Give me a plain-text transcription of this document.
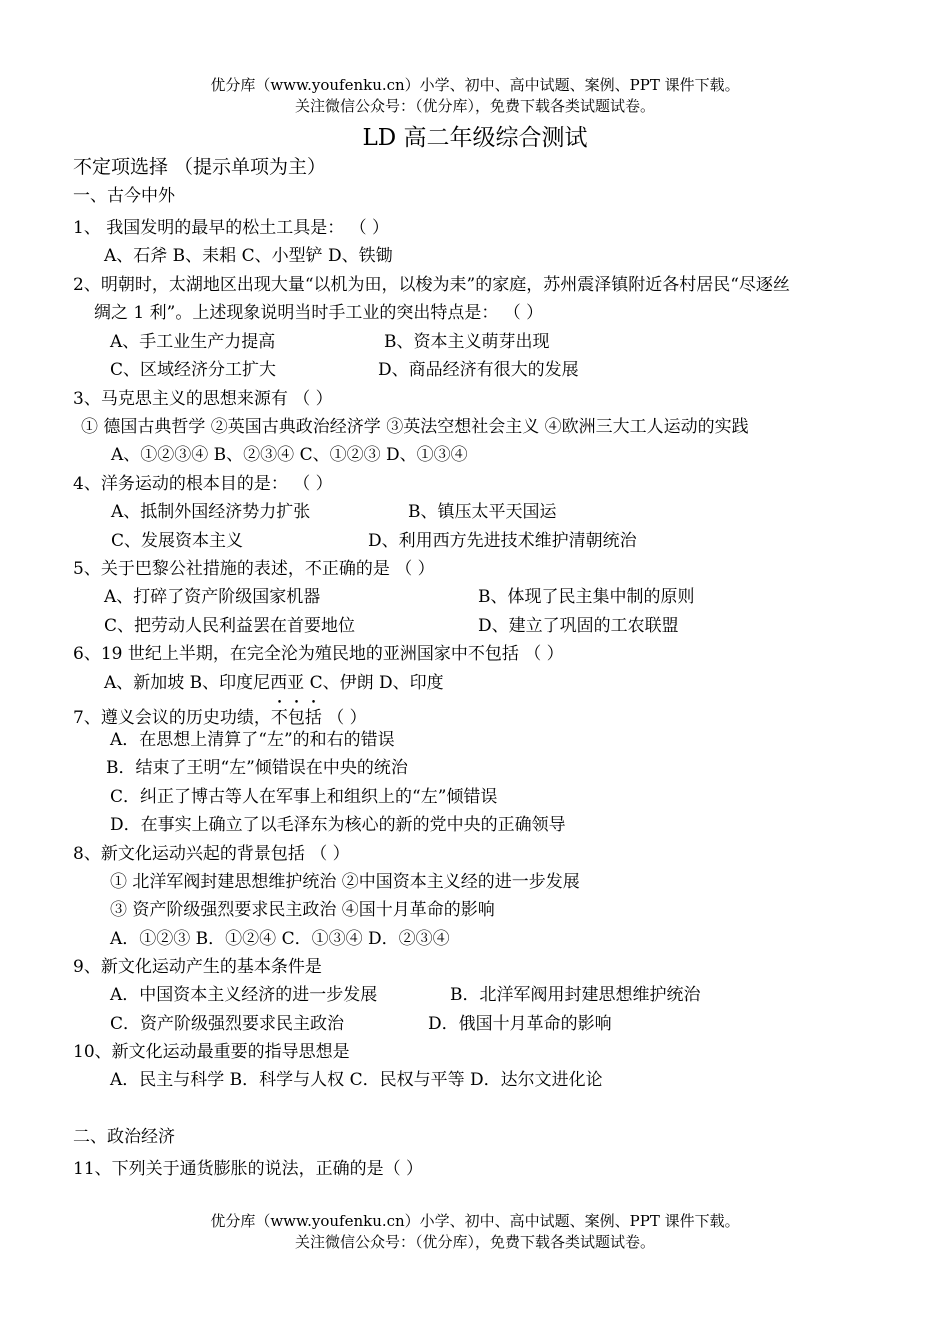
优分库（www.youfenku.cn）小学、初中、高中试题、案例、PPT 课件下载。
关注微信公众号：（优分库），免费下载各类试题试卷。
LD 高二年级综合测试
不定项选择 （提示单项为主）
一、古今中外
1、 我国发明的最早的松土工具是： （ ）
A、石斧 B、耒耜 C、小型铲 D、铁锄
2、明朝时，太湖地区出现大量“以机为田，以梭为耒”的家庭，苏州震泽镇附近各村居民“尽逐丝
绸之 1 利”。上述现象说明当时手工业的突出特点是： （ ）
A、手工业生产力提高	B、资本主义萌芽出现
C、区域经济分工扩大	D、商品经济有很大的发展
3、马克思主义的思想来源有 （ ）
① 德国古典哲学 ②英国古典政治经济学 ③英法空想社会主义 ④欧洲三大工人运动的实践
A、①②③④ B、②③④ C、①②③ D、①③④
4、洋务运动的根本目的是： （ ）
A、抵制外国经济势力扩张	B、镇压太平天国运
C、发展资本主义	D、利用西方先进技术维护清朝统治
5、关于巴黎公社措施的表述，不正确的是 （ ）
A、打碎了资产阶级国家机器	B、体现了民主集中制的原则
C、把劳动人民利益罢在首要地位	D、建立了巩固的工农联盟
6、19 世纪上半期，在完全沦为殖民地的亚洲国家中不包括 （ ）
A、新加坡 B、印度尼西亚 C、伊朗 D、印度
7、遵义会议的历史功绩，不包括 （ ）
A．在思想上清算了“左”的和右的错误
B．结束了王明“左”倾错误在中央的统治
C．纠正了博古等人在军事上和组织上的“左”倾错误
D．在事实上确立了以毛泽东为核心的新的党中央的正确领导
8、新文化运动兴起的背景包括 （ ）
① 北洋军阀封建思想维护统治 ②中国资本主义经的进一步发展
③ 资产阶级强烈要求民主政治 ④国十月革命的影响
A．①②③ B．①②④ C．①③④ D．②③④
9、新文化运动产生的基本条件是
A．中国资本主义经济的进一步发展	B．北洋军阀用封建思想维护统治
C．资产阶级强烈要求民主政治	D．俄国十月革命的影响
10、新文化运动最重要的指导思想是
A．民主与科学 B．科学与人权 C．民权与平等 D．达尔文进化论
二、政治经济
11、下列关于通货膨胀的说法，正确的是（ ）
优分库（www.youfenku.cn）小学、初中、高中试题、案例、PPT 课件下载。
关注微信公众号：（优分库），免费下载各类试题试卷。
